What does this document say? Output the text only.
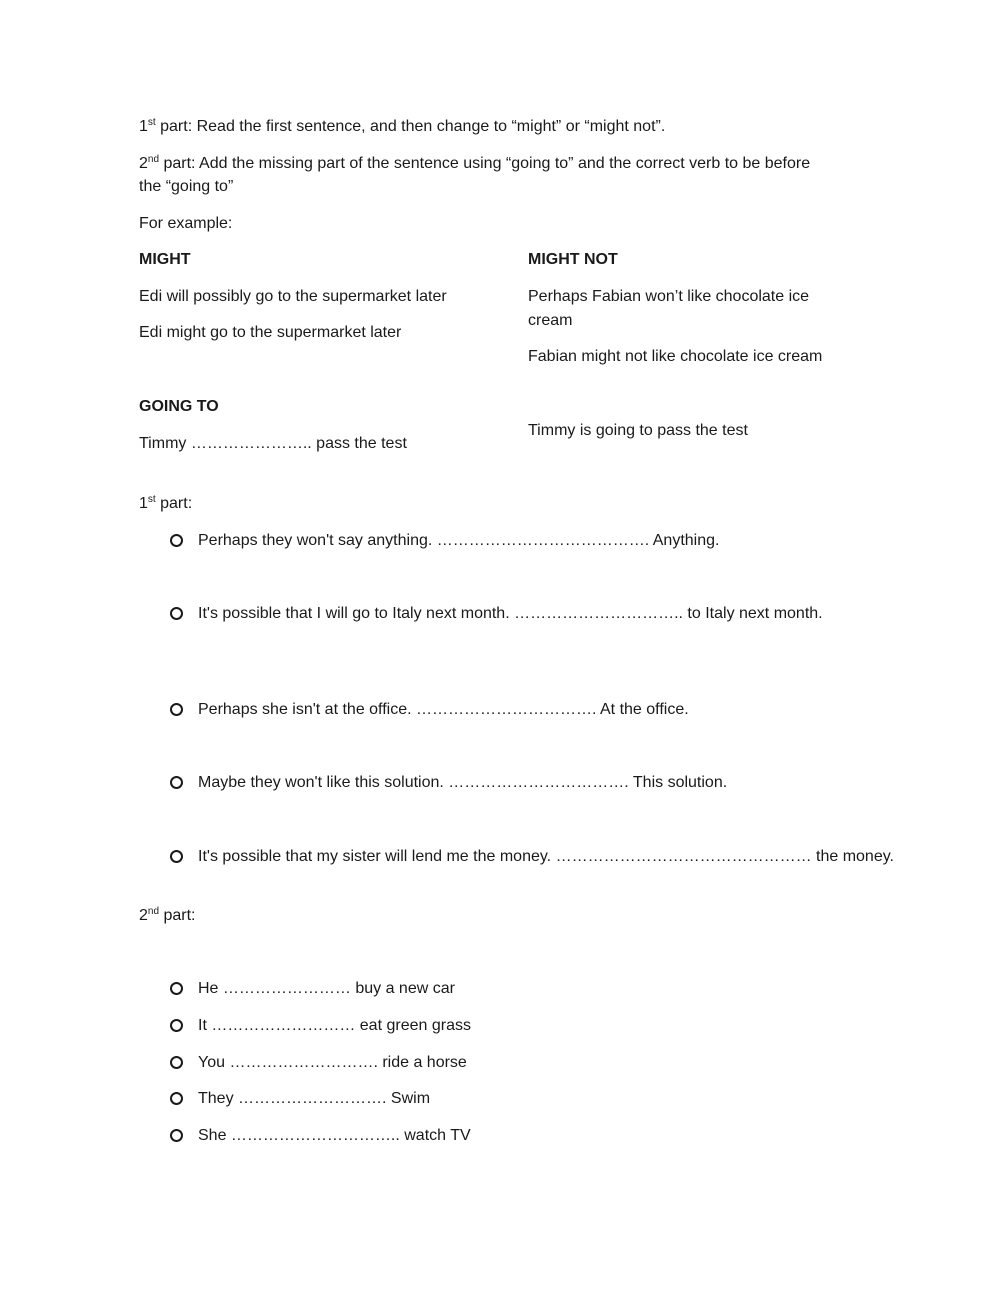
1st part: Read the first sentence, and then change to “might” or “might not”.
2nd part: Add the missing part of the sentence using “going to” and the correct verb to be before
the “going to”
For example:
MIGHT
Edi will possibly go to the supermarket later
Edi might go to the supermarket later
MIGHT NOT
Perhaps Fabian won’t like chocolate ice
cream
Fabian might not like chocolate ice cream
GOING TO
Timmy ………………….. pass the test
Timmy is going to pass the test
1st part:
Perhaps they won't say anything. …………………………………. Anything.
It's possible that I will go to Italy next month. ………………………….. to Italy next month.
Perhaps she isn't at the office. ……………………………. At the office.
Maybe they won't like this solution. ……………………………. This solution.
It's possible that my sister will lend me the money. ………………………………………… the money.
2nd part:
He …………………… buy a new car
It ……………………… eat green grass
You ………………………. ride a horse
They ………………………. Swim
She ………………………….. watch TV
